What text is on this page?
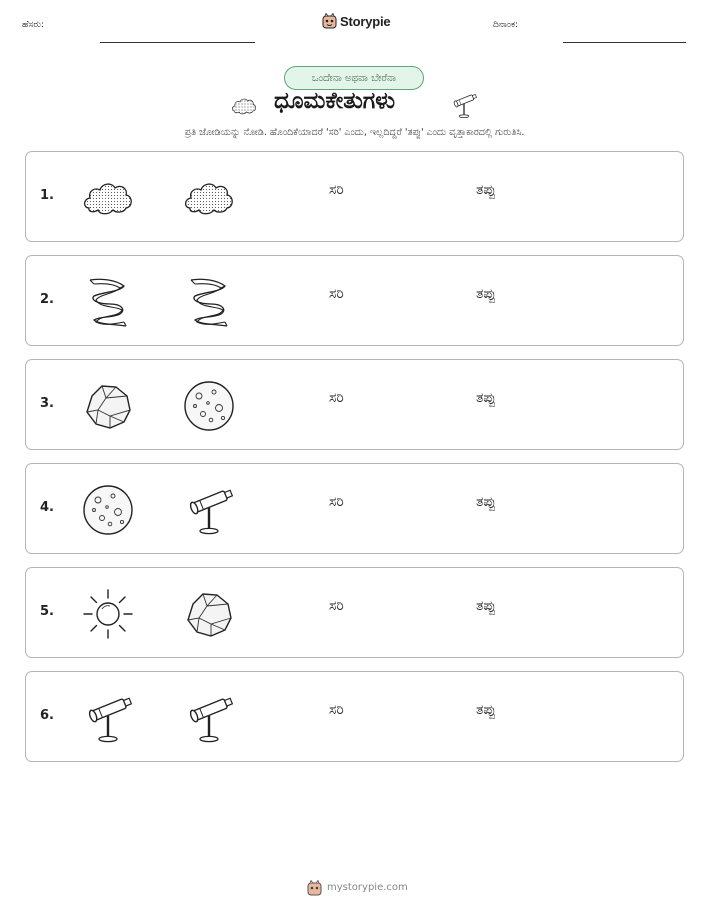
ಹೆಸರು:	Storypie	ದಿನಾಂಕ:
ಒಂದೇನಾ ಅಥವಾ ಬೇರೆನಾ
ಧೂಮಕೇತುಗಳು
ಪ್ರತಿ ಜೋಡಿಯನ್ನು ನೋಡಿ. ಹೊಂದಿಕೆಯಾದರೆ 'ಸರಿ' ಎಂದು, ಇಲ್ಲದಿದ್ದರೆ 'ತಪ್ಪು' ಎಂದು ವೃತ್ತಾಕಾರದಲ್ಲಿ ಗುರುತಿಸಿ.
1.	ಸರಿ	ತಪ್ಪು
2.	ಸರಿ	ತಪ್ಪು
3.	ಸರಿ	ತಪ್ಪು
4.	ಸರಿ	ತಪ್ಪು
5.	ಸರಿ	ತಪ್ಪು
6.	ಸರಿ	ತಪ್ಪು
mystorypie.com
